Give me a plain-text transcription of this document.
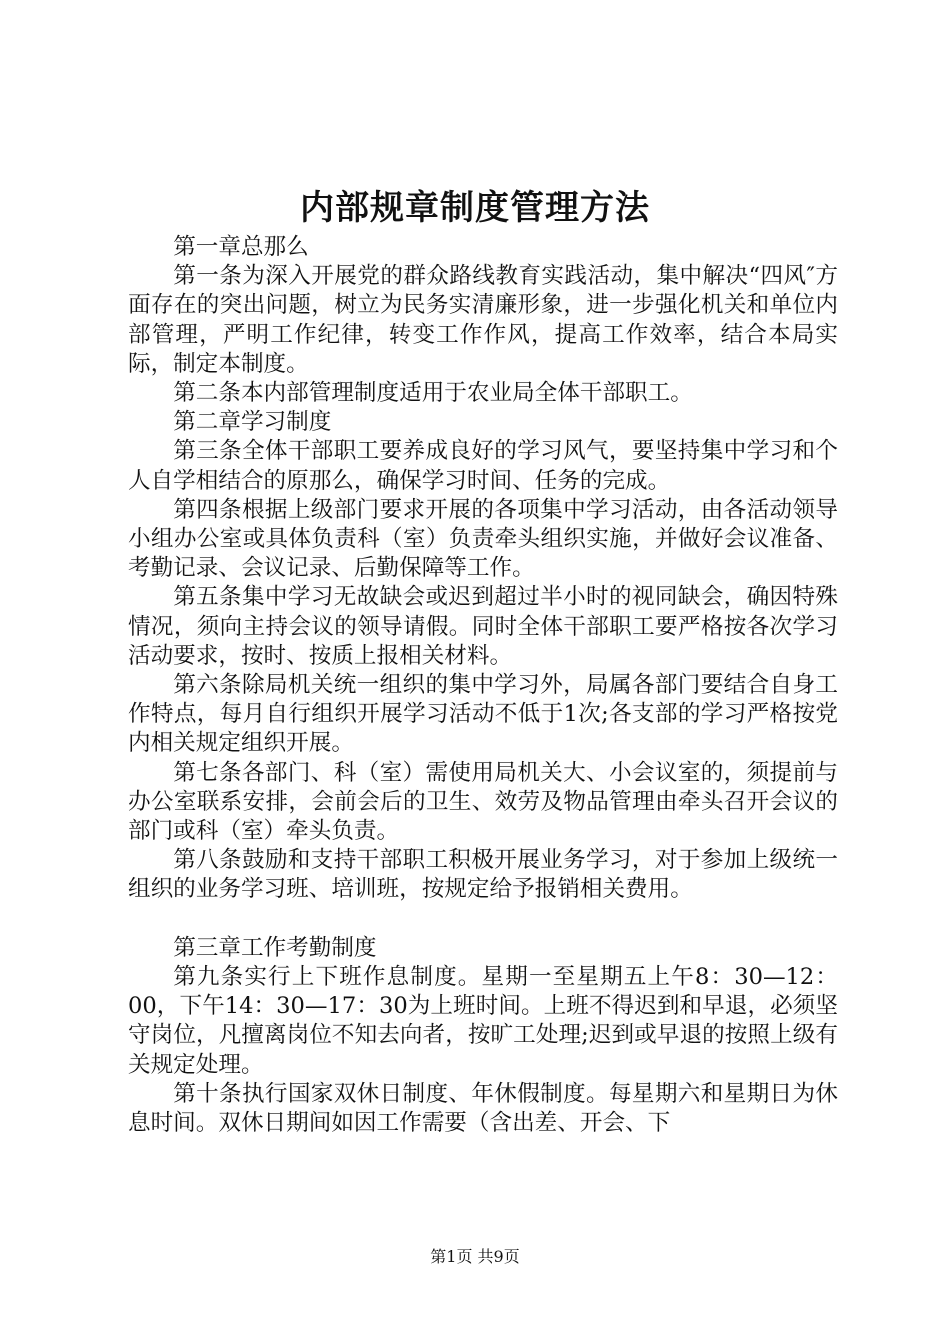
内部规章制度管理方法

第一章总那么

第一条为深入开展党的群众路线教育实践活动，集中解决“四风″方面存在的突出问题，树立为民务实清廉形象，进一步强化机关和单位内部管理，严明工作纪律，转变工作作风，提高工作效率，结合本局实际，制定本制度。

第二条本内部管理制度适用于农业局全体干部职工。

第二章学习制度

第三条全体干部职工要养成良好的学习风气，要坚持集中学习和个人自学相结合的原那么，确保学习时间、任务的完成。

第四条根据上级部门要求开展的各项集中学习活动，由各活动领导小组办公室或具体负责科（室）负责牵头组织实施，并做好会议准备、考勤记录、会议记录、后勤保障等工作。

第五条集中学习无故缺会或迟到超过半小时的视同缺会，确因特殊情况，须向主持会议的领导请假。同时全体干部职工要严格按各次学习活动要求，按时、按质上报相关材料。

第六条除局机关统一组织的集中学习外，局属各部门要结合自身工作特点，每月自行组织开展学习活动不低于1次;各支部的学习严格按党内相关规定组织开展。

第七条各部门、科（室）需使用局机关大、小会议室的，须提前与办公室联系安排，会前会后的卫生、效劳及物品管理由牵头召开会议的部门或科（室）牵头负责。

第八条鼓励和支持干部职工积极开展业务学习，对于参加上级统一组织的业务学习班、培训班，按规定给予报销相关费用。

第三章工作考勤制度

第九条实行上下班作息制度。星期一至星期五上午8：30—12：00，下午14：30—17：30为上班时间。上班不得迟到和早退，必须坚守岗位，凡擅离岗位不知去向者，按旷工处理;迟到或早退的按照上级有关规定处理。

第十条执行国家双休日制度、年休假制度。每星期六和星期日为休息时间。双休日期间如因工作需要（含出差、开会、下

第1页 共9页
